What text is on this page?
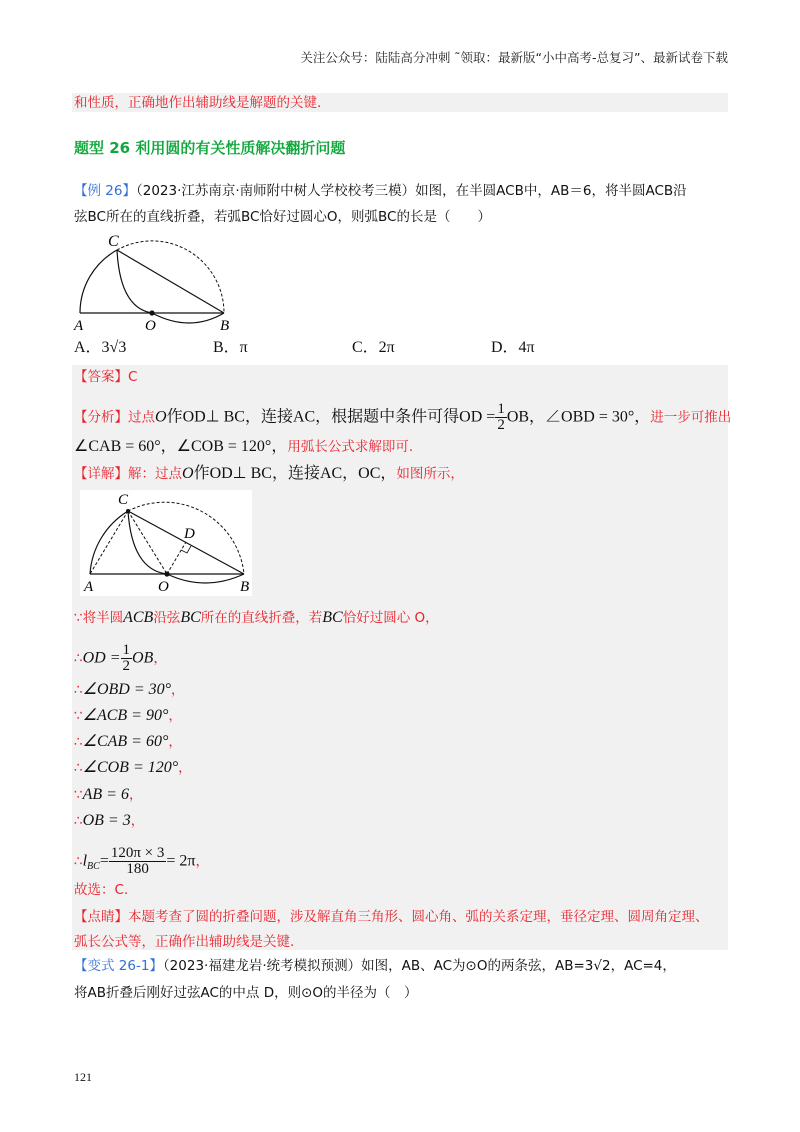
关注公众号：陆陆高分冲刺 ˜领取：最新版“小中高考-总复习”、最新试卷下载
和性质，正确地作出辅助线是解题的关键.
题型 26 利用圆的有关性质解决翻折问题
【例 26】（2023·江苏南京·南师附中树人学校校考三模）如图，在半圆ACB中，AB＝6，将半圆ACB沿
弦BC所在的直线折叠，若弧BC恰好过圆心O，则弧BC的长是（　　）
C
A	O	B
A．3√3	B．π	C．2π	D．4π
【答案】C
【分析】过点O作OD⊥ BC，连接AC，根据题中条件可得OD = $\frac{1}{2}$ OB，∠OBD = 30°，进一步可推出
∠CAB = 60°，∠COB = 120°，用弧长公式求解即可.
【详解】解：过点O作OD⊥ BC，连接AC，OC，如图所示，
C
D
A	O	B
∵将半圆ACB沿弦BC所在的直线折叠，若BC恰好过圆心 O，
∴OD = $\frac{1}{2}$ OB，
∴∠OBD = 30°，
∵∠ACB = 90°，
∴∠CAB = 60°，
∴∠COB = 120°，
∵AB = 6，
∴OB = 3，
$\therefore l_{BC}= \frac{120\pi \times 3}{180} = 2\pi$，
故选：C.
【点睛】本题考查了圆的折叠问题，涉及解直角三角形、圆心角、弧的关系定理，垂径定理、圆周角定理、
弧长公式等，正确作出辅助线是关键.
【变式 26-1】（2023·福建龙岩·统考模拟预测）如图，AB、AC为⊙O的两条弦，AB=3√2，AC=4，
将AB折叠后刚好过弦AC的中点 D，则⊙O的半径为（　）
121
